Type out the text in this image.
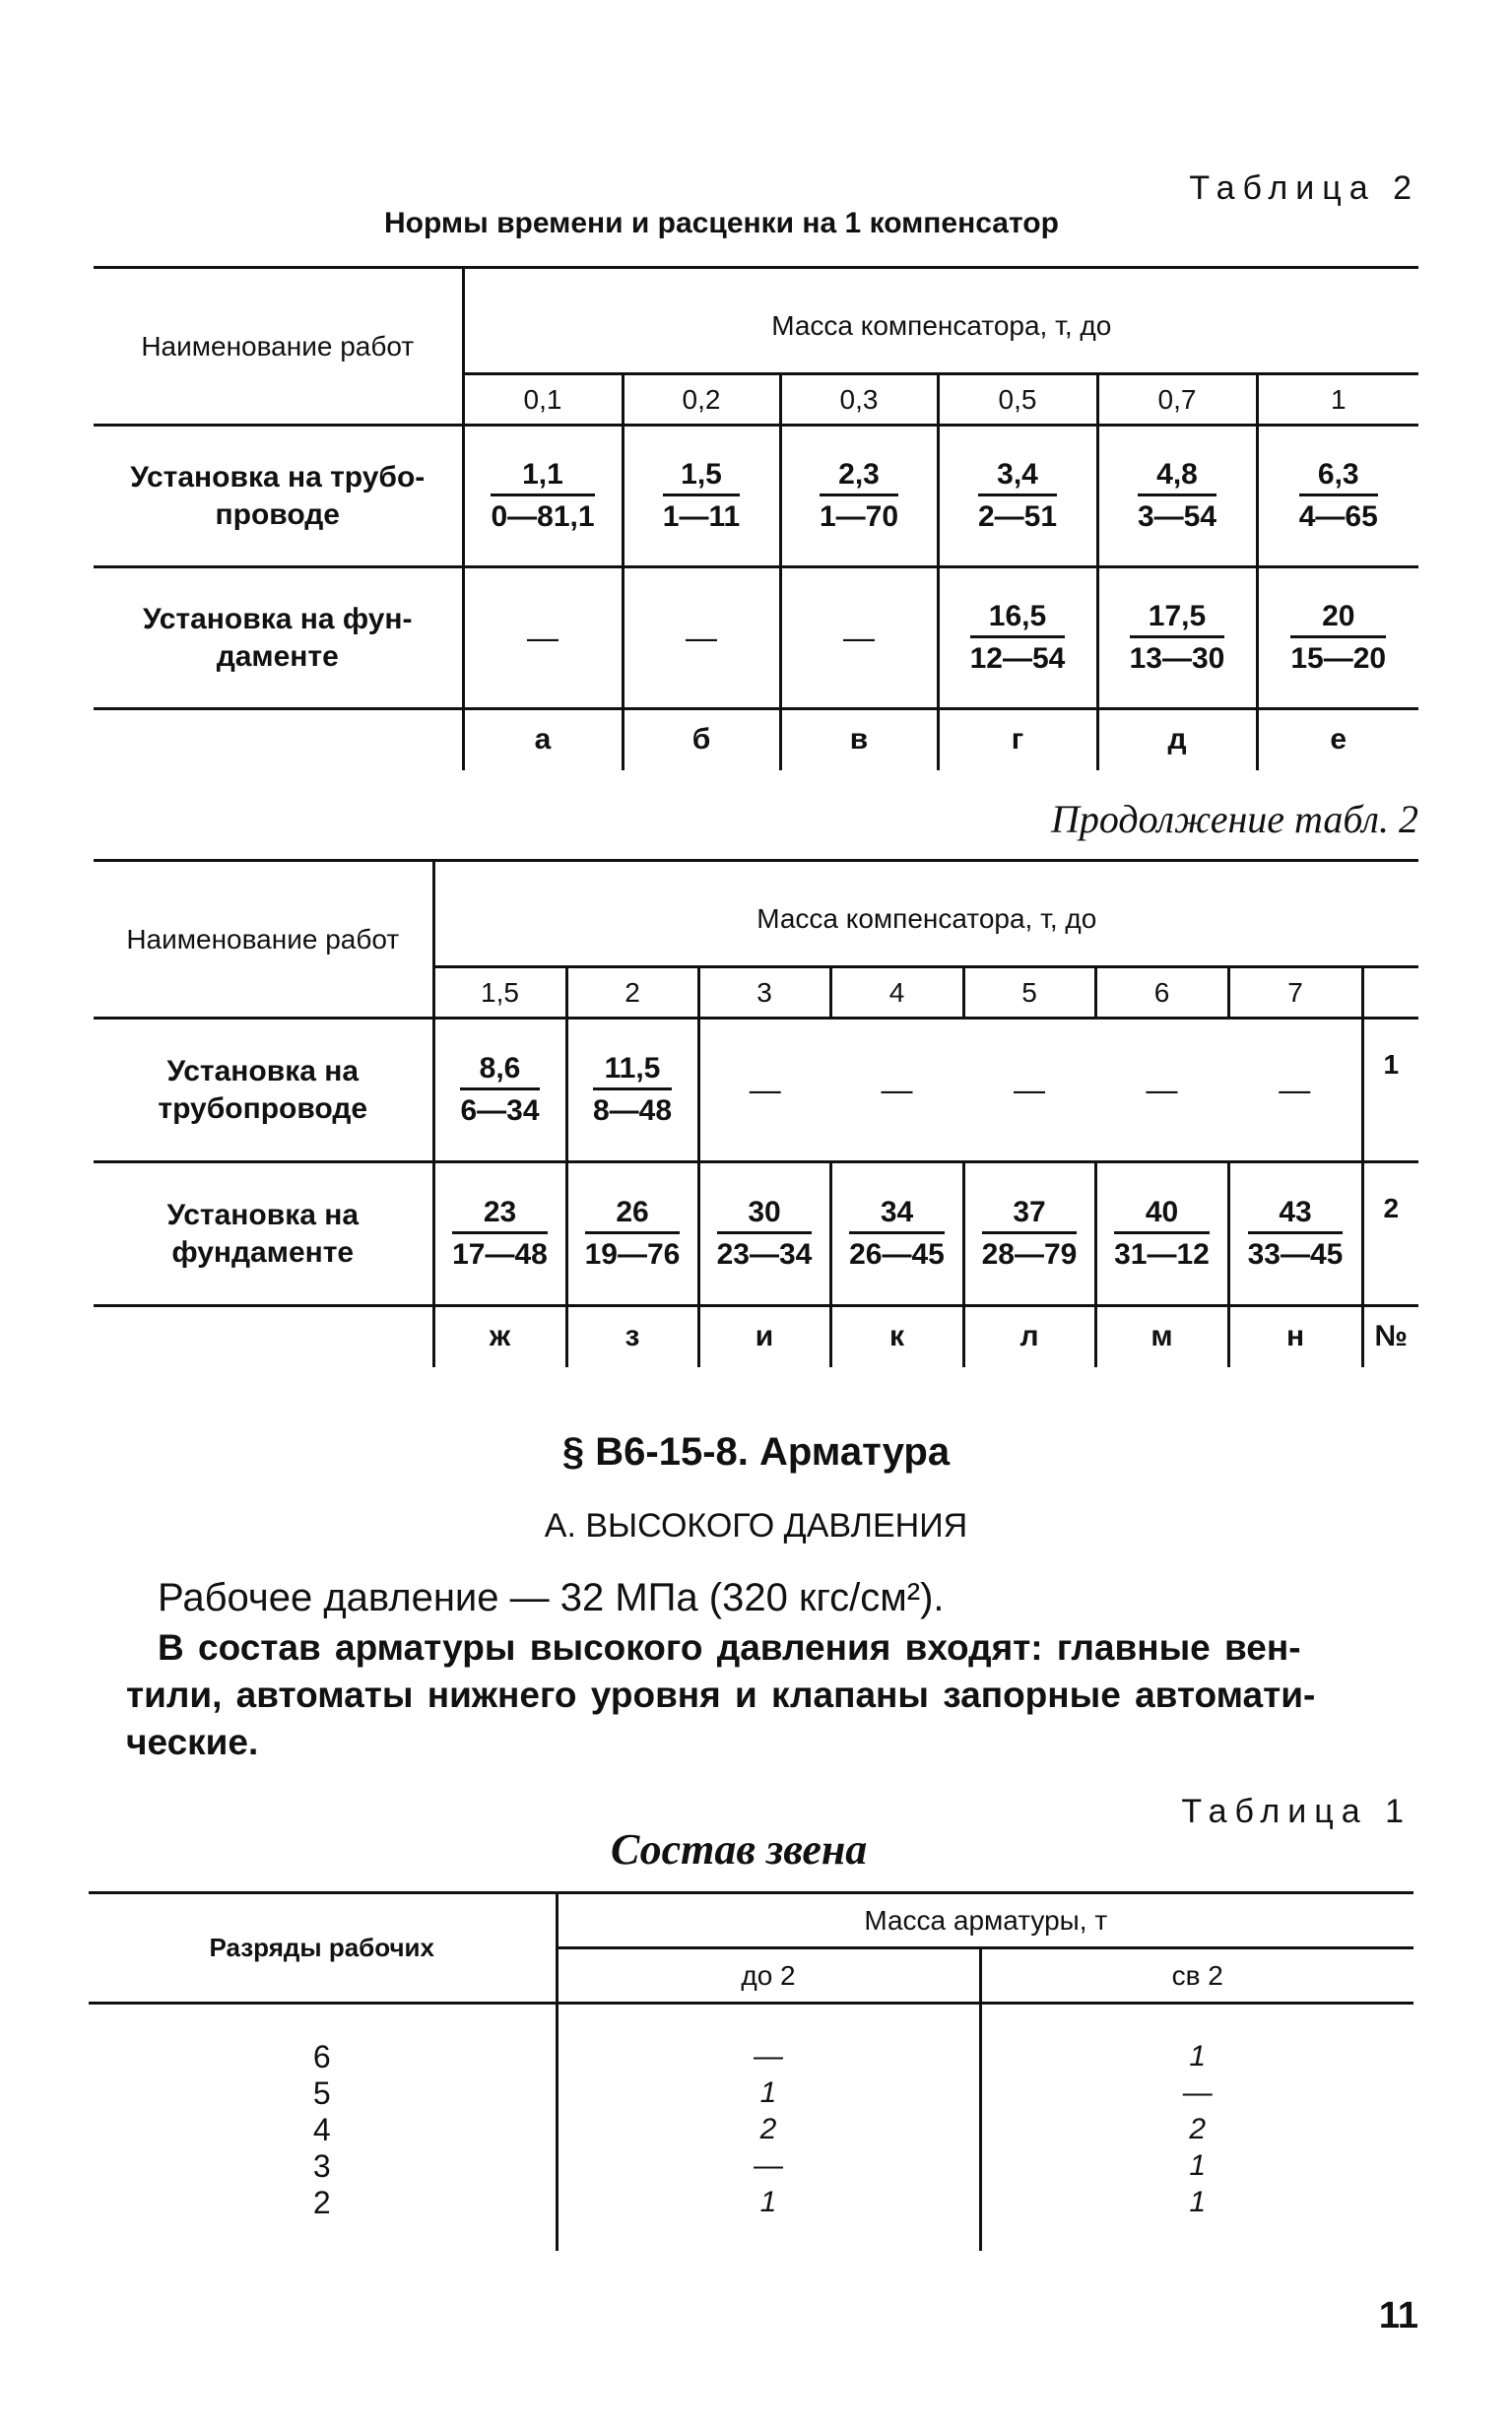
Таблица 2
Нормы времени и расценки на 1 компенсатор
Наименование работ	Масса компенсатора, т, до					
	0,1	0,2	0,3	0,5	0,7	1
Установка на трубо-проводе	$\frac{1,1}{0—81,1}$	$\frac{1,5}{1—11}$	$\frac{2,3}{1—70}$	$\frac{3,4}{2—51}$	$\frac{4,8}{3—54}$	$\frac{6,3}{4—65}$

Установка на фун-даменте	—	—	—	$\frac{16,5}{12—54}$	$\frac{17,5}{13—30}$	$\frac{20}{15—20}$

	а	б	в	г	д	е
Продолжение табл. 2
Наименование работ	Масса компенсатора, т, до							
	1,5	2	3	4	5	6	7	
Установка на трубопроводе	$\frac{8,6}{6—34}$	$\frac{11,5}{8—48}$	—	—	—	—	—	1
Установка на фундаменте	$\frac{23}{17—48}$	$\frac{26}{19—76}$	$\frac{30}{23—34}$	$\frac{34}{26—45}$	$\frac{37}{28—79}$	$\frac{40}{31—12}$	$\frac{43}{33—45}$	2
	ж	з	и	к	л	м	н	№
§ В6-15-8. Арматура
А. ВЫСОКОГО ДАВЛЕНИЯ
Рабочее давление — 32 МПа (320 кгс/см²).
В состав арматуры высокого давления входят: главные вен-
тили, автоматы нижнего уровня и клапаны запорные автомати-
ческие.
Таблица 1
Состав звена
Разряды рабочих	Масса арматуры, т	
	до 2	св 2

6	—	1
5	1	—
4	2	2
3	—	1
2	1	1

11
